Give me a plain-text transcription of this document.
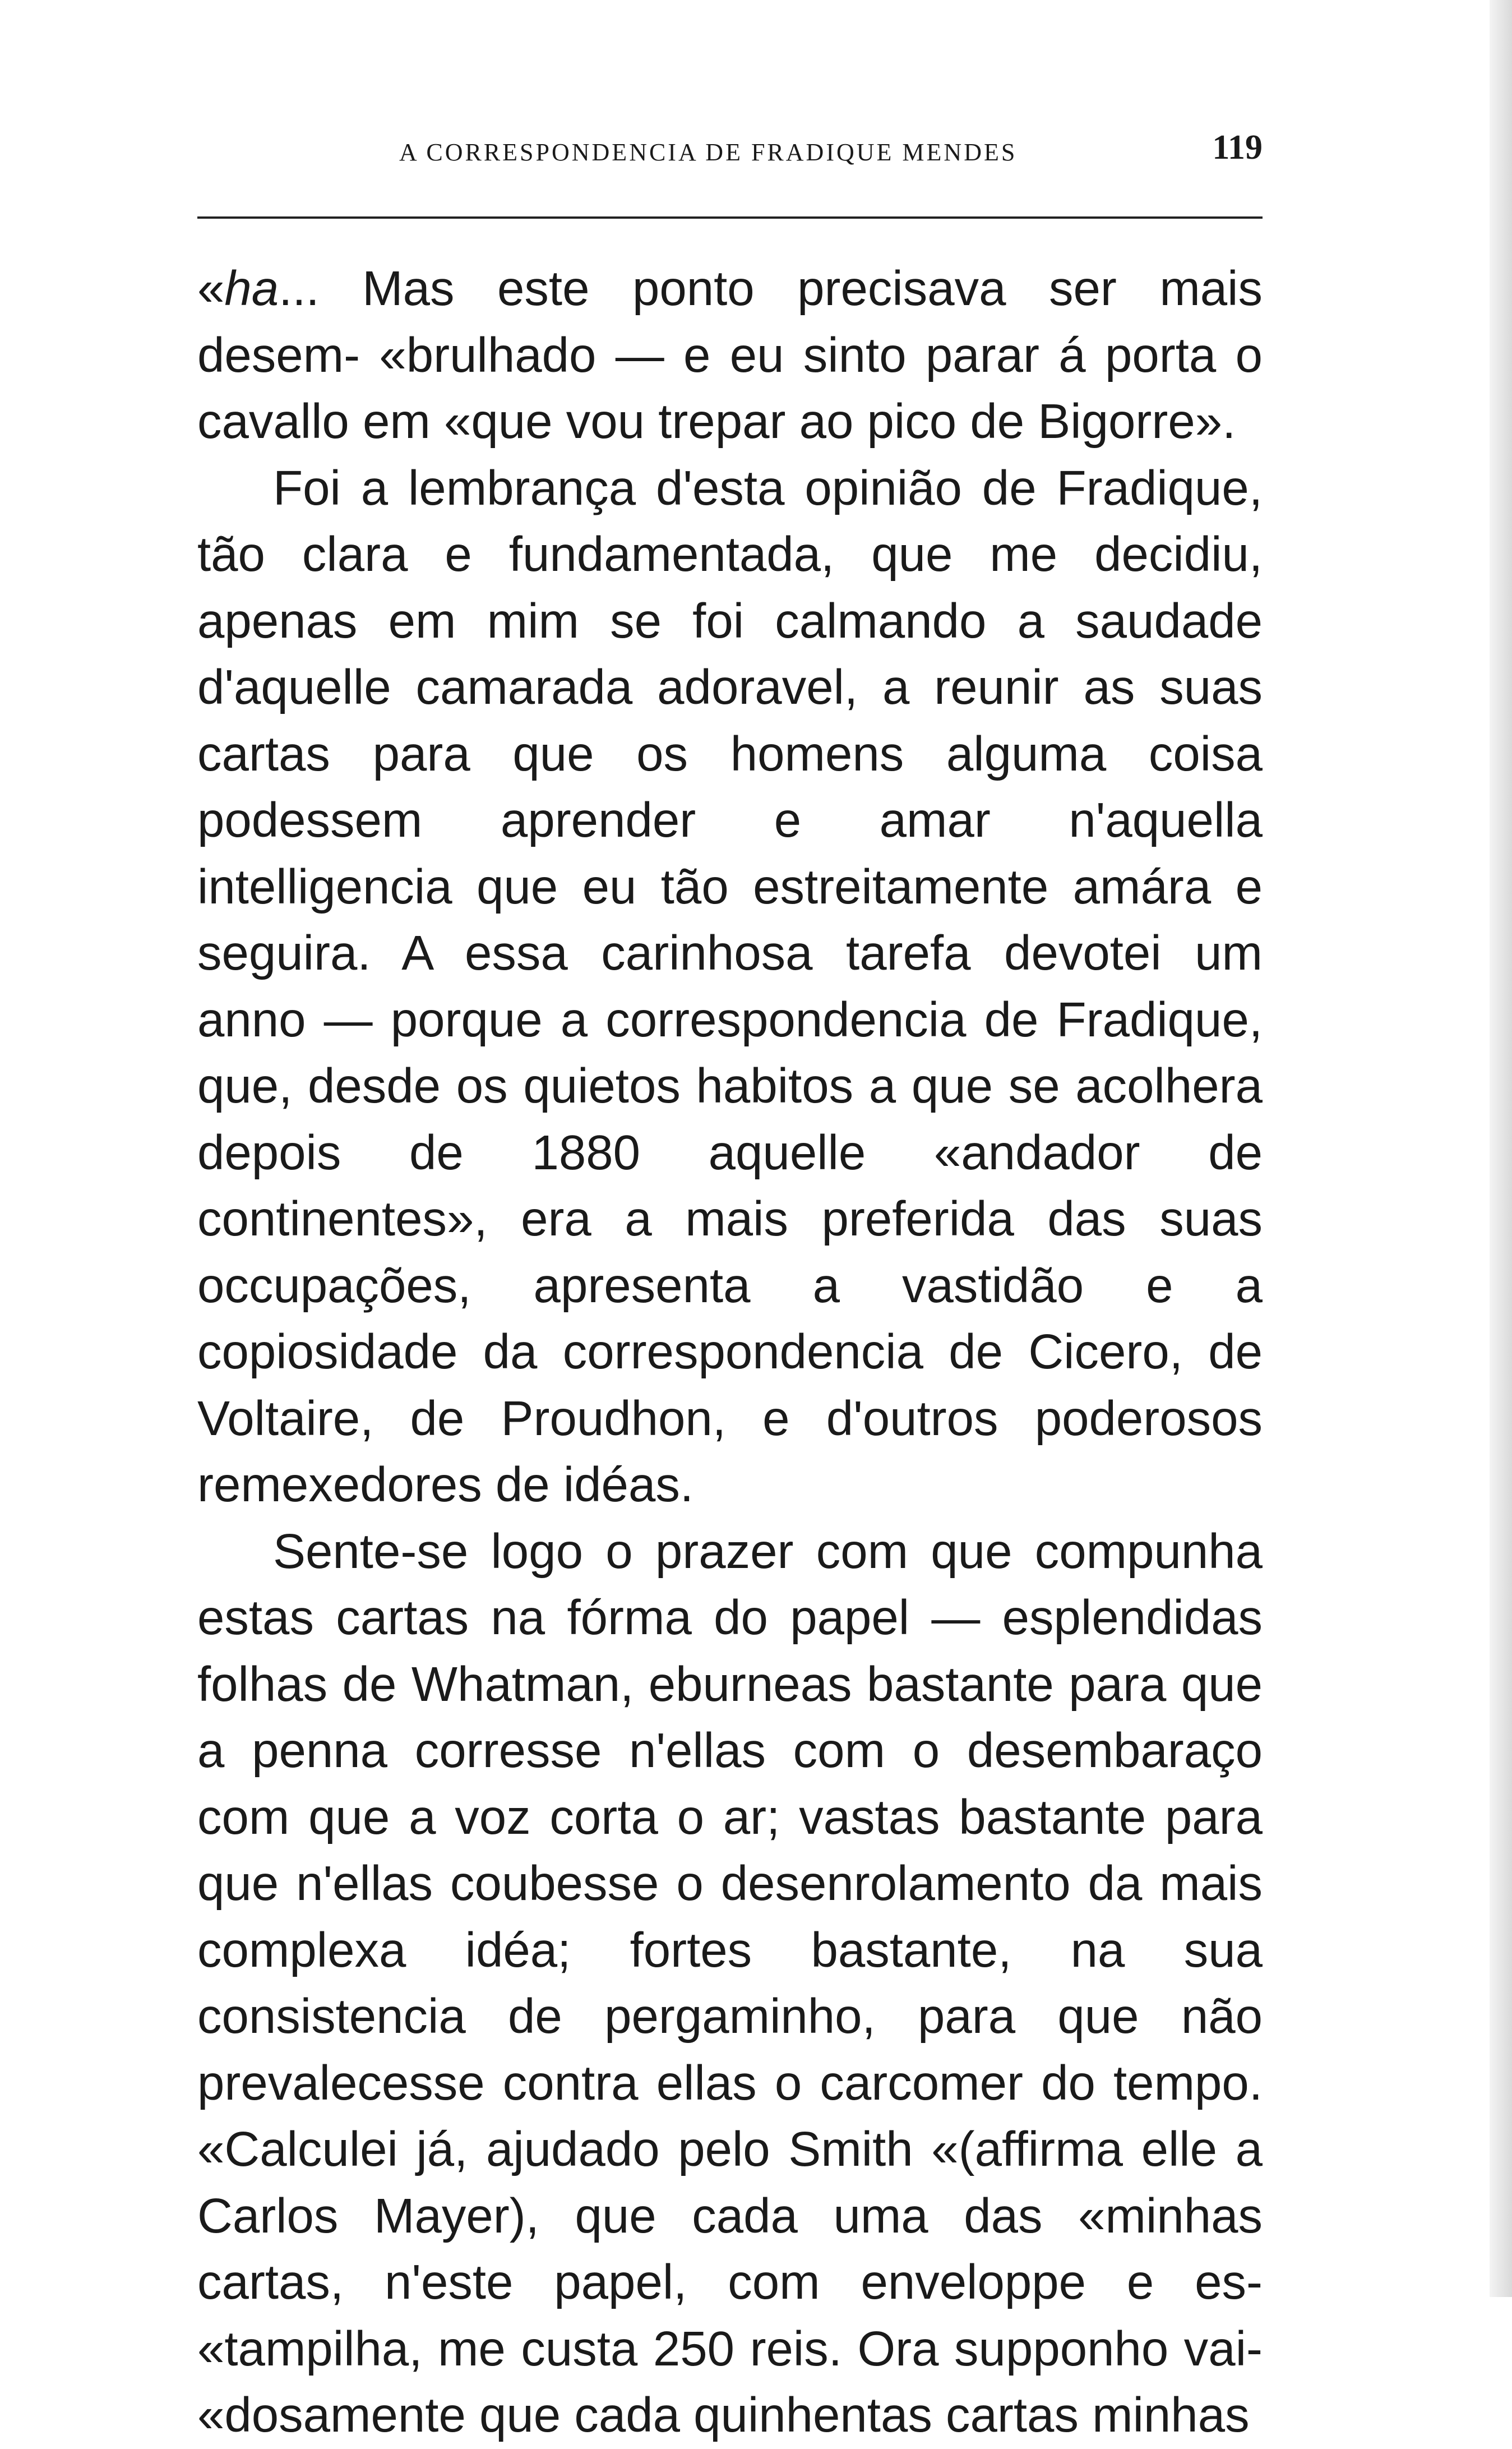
A CORRESPONDENCIA DE FRADIQUE MENDES	119

«ha... Mas este ponto precisava ser mais desem- «brulhado — e eu sinto parar á porta o cavallo em «que vou trepar ao pico de Bigorre».

Foi a lembrança d'esta opinião de Fradique, tão clara e fundamentada, que me decidiu, apenas em mim se foi calmando a saudade d'aquelle camarada adoravel, a reunir as suas cartas para que os homens alguma coisa podessem aprender e amar n'aquella intelligencia que eu tão estreitamente amára e seguira. A essa carinhosa tarefa devotei um anno — porque a correspondencia de Fradique, que, desde os quietos habitos a que se acolhera depois de 1880 aquelle «andador de continentes», era a mais preferida das suas occupações, apresenta a vastidão e a copiosidade da correspondencia de Cicero, de Voltaire, de Proudhon, e d'outros poderosos remexedores de idéas.

Sente-se logo o prazer com que compunha estas cartas na fórma do papel — esplendidas folhas de Whatman, eburneas bastante para que a penna corresse n'ellas com o desembaraço com que a voz corta o ar; vastas bastante para que n'ellas coubesse o desenrolamento da mais complexa idéa; fortes bastante, na sua consistencia de pergaminho, para que não prevalecesse contra ellas o carcomer do tempo. «Calculei já, ajudado pelo Smith «(affirma elle a Carlos Mayer), que cada uma das «minhas cartas, n'este papel, com enveloppe e es- «tampilha, me custa 250 reis. Ora supponho vai- «dosamente que cada quinhentas cartas minhas
